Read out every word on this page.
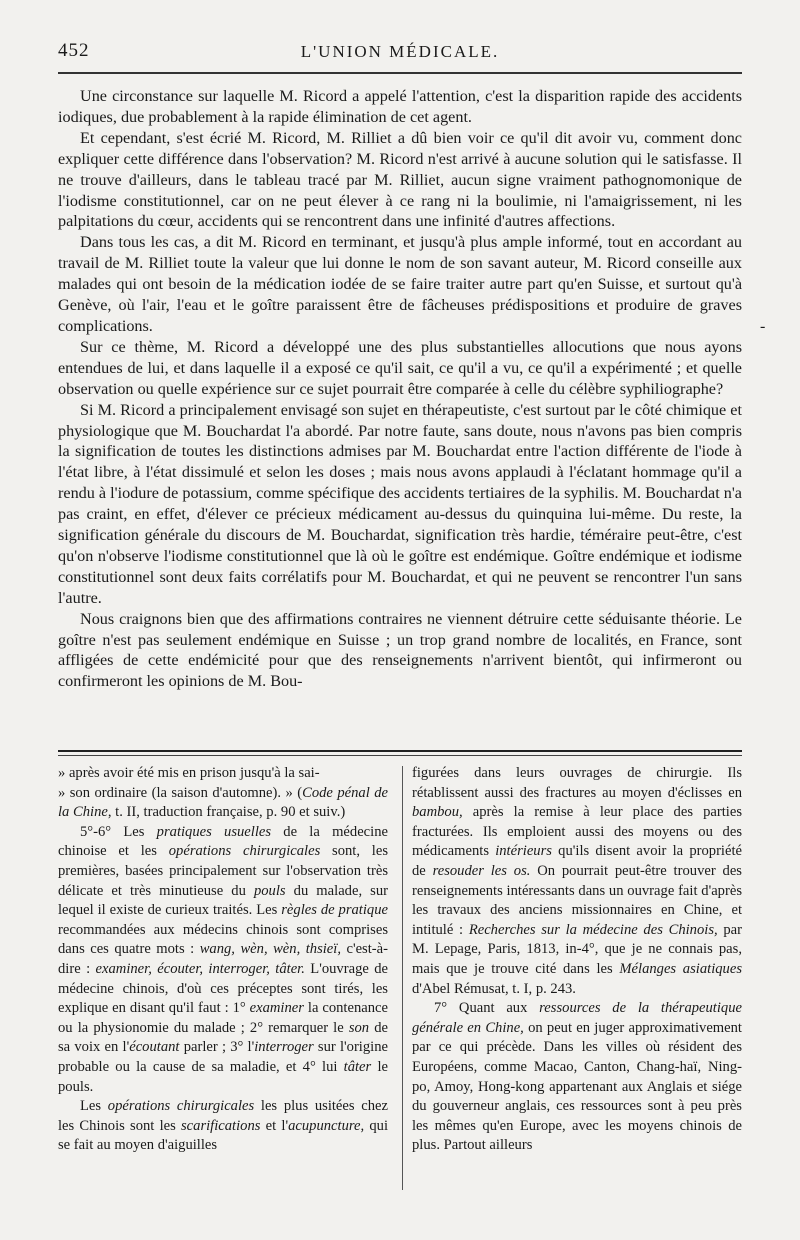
452	L'UNION MÉDICALE.

Une circonstance sur laquelle M. Ricord a appelé l'attention, c'est la disparition rapide des accidents iodiques, due probablement à la rapide élimination de cet agent.

Et cependant, s'est écrié M. Ricord, M. Rilliet a dû bien voir ce qu'il dit avoir vu, comment donc expliquer cette différence dans l'observation? M. Ricord n'est arrivé à aucune solution qui le satisfasse. Il ne trouve d'ailleurs, dans le tableau tracé par M. Rilliet, aucun signe vraiment pathognomonique de l'iodisme constitutionnel, car on ne peut élever à ce rang ni la boulimie, ni l'amaigrissement, ni les palpitations du cœur, accidents qui se rencontrent dans une infinité d'autres affections.

Dans tous les cas, a dit M. Ricord en terminant, et jusqu'à plus ample informé, tout en accordant au travail de M. Rilliet toute la valeur que lui donne le nom de son savant auteur, M. Ricord conseille aux malades qui ont besoin de la médication iodée de se faire traiter autre part qu'en Suisse, et surtout qu'à Genève, où l'air, l'eau et le goître paraissent être de fâcheuses prédispositions et produire de graves complications.

Sur ce thème, M. Ricord a développé une des plus substantielles allocutions que nous ayons entendues de lui, et dans laquelle il a exposé ce qu'il sait, ce qu'il a vu, ce qu'il a expérimenté ; et quelle observation ou quelle expérience sur ce sujet pourrait être comparée à celle du célèbre syphiliographe?

Si M. Ricord a principalement envisagé son sujet en thérapeutiste, c'est surtout par le côté chimique et physiologique que M. Bouchardat l'a abordé. Par notre faute, sans doute, nous n'avons pas bien compris la signification de toutes les distinctions admises par M. Bouchardat entre l'action différente de l'iode à l'état libre, à l'état dissimulé et selon les doses ; mais nous avons applaudi à l'éclatant hommage qu'il a rendu à l'iodure de potassium, comme spécifique des accidents tertiaires de la syphilis. M. Bouchardat n'a pas craint, en effet, d'élever ce précieux médicament au-dessus du quinquina lui-même. Du reste, la signification générale du discours de M. Bouchardat, signification très hardie, téméraire peut-être, c'est qu'on n'observe l'iodisme constitutionnel que là où le goître est endémique. Goître endémique et iodisme constitutionnel sont deux faits corrélatifs pour M. Bouchardat, et qui ne peuvent se rencontrer l'un sans l'autre.

Nous craignons bien que des affirmations contraires ne viennent détruire cette séduisante théorie. Le goître n'est pas seulement endémique en Suisse ; un trop grand nombre de localités, en France, sont affligées de cette endémicité pour que des renseignements n'arrivent bientôt, qui infirmeront ou confirmeront les opinions de M. Bou-

-

» après avoir été mis en prison jusqu'à la sai-
» son ordinaire (la saison d'automne). » (Code pénal de la Chine, t. II, traduction française, p. 90 et suiv.)

5°-6° Les pratiques usuelles de la médecine chinoise et les opérations chirurgicales sont, les premières, basées principalement sur l'observation très délicate et très minutieuse du pouls du malade, sur lequel il existe de curieux traités. Les règles de pratique recommandées aux médecins chinois sont comprises dans ces quatre mots : wang, wèn, wèn, thsieï, c'est-à-dire : examiner, écouter, interroger, tâter. L'ouvrage de médecine chinois, d'où ces préceptes sont tirés, les explique en disant qu'il faut : 1° examiner la contenance ou la physionomie du malade ; 2° remarquer le son de sa voix en l'écoutant parler ; 3° l'interroger sur l'origine probable ou la cause de sa maladie, et 4° lui tâter le pouls.

Les opérations chirurgicales les plus usitées chez les Chinois sont les scarifications et l'acupuncture, qui se fait au moyen d'aiguilles

figurées dans leurs ouvrages de chirurgie. Ils rétablissent aussi des fractures au moyen d'éclisses en bambou, après la remise à leur place des parties fracturées. Ils emploient aussi des moyens ou des médicaments intérieurs qu'ils disent avoir la propriété de resouder les os. On pourrait peut-être trouver des renseignements intéressants dans un ouvrage fait d'après les travaux des anciens missionnaires en Chine, et intitulé : Recherches sur la médecine des Chinois, par M. Lepage, Paris, 1813, in-4°, que je ne connais pas, mais que je trouve cité dans les Mélanges asiatiques d'Abel Rémusat, t. I, p. 243.

7° Quant aux ressources de la thérapeutique générale en Chine, on peut en juger approximativement par ce qui précède. Dans les villes où résident des Européens, comme Macao, Canton, Chang-haï, Ning-po, Amoy, Hong-kong appartenant aux Anglais et siége du gouverneur anglais, ces ressources sont à peu près les mêmes qu'en Europe, avec les moyens chinois de plus. Partout ailleurs
